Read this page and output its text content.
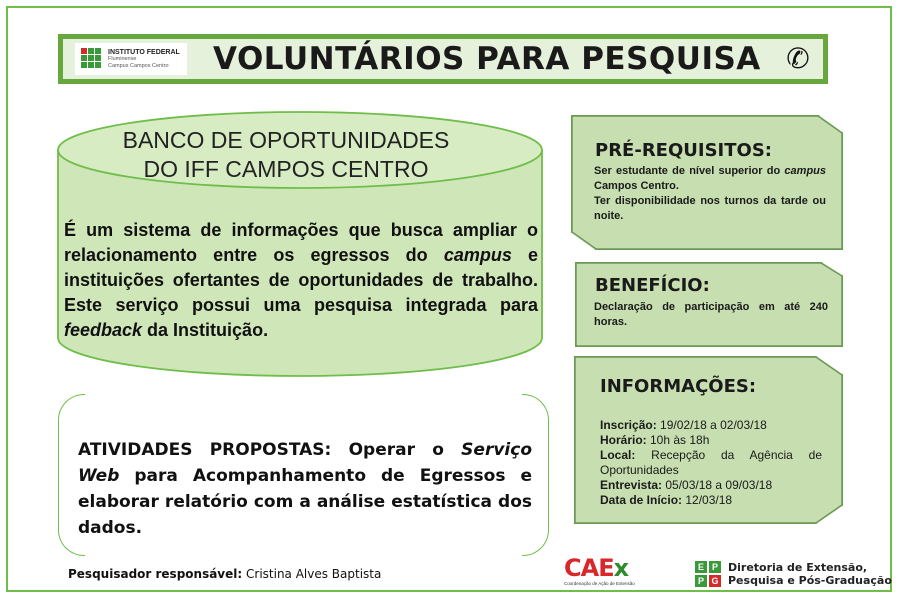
INSTITUTO FEDERAL
Fluminense
Campus Campos Centro	VOLUNTÁRIOS PARA PESQUISA ✆
BANCO DE OPORTUNIDADES
DO IFF CAMPOS CENTRO
É um sistema de informações que busca ampliar o relacionamento entre os egressos do campus e instituições ofertantes de oportunidades de trabalho. Este serviço possui uma pesquisa integrada para feedback da Instituição.
ATIVIDADES PROPOSTAS: Operar o Serviço Web para Acompanhamento de Egressos e elaborar relatório com a análise estatística dos dados.
PRÉ-REQUISITOS:
Ser estudante de nível superior do campus Campos Centro.
Ter disponibilidade nos turnos da tarde ou noite.
BENEFÍCIO:
Declaração de participação em até 240 horas.
INFORMAÇÕES:
Inscrição: 19/02/18 a 02/03/18
Horário: 10h às 18h
Local: Recepção da Agência de Oportunidades
Entrevista: 05/03/18 a 09/03/18
Data de Início: 12/03/18
Pesquisador responsável: Cristina Alves Baptista	CAEx
Coordenação de Ação de Extensão
E P
P G
Diretoria de Extensão,
Pesquisa e Pós-Graduação
